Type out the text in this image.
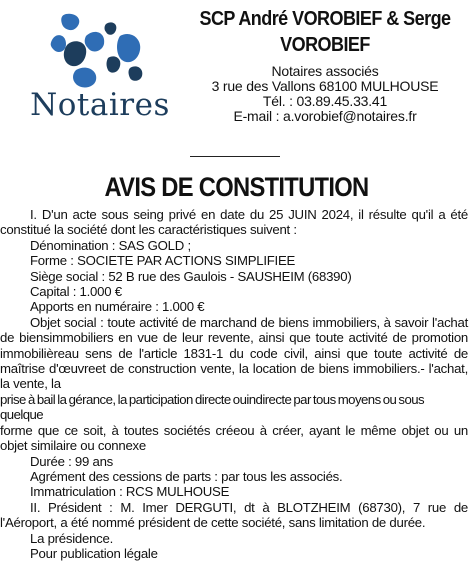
Notaires
SCP André VOROBIEF & Serge
VOROBIEF
Notaires associés
3 rue des Vallons 68100 MULHOUSE
Tél. : 03.89.45.33.41
E-mail : a.vorobief@notaires.fr
AVIS DE CONSTITUTION

I. D'un acte sous seing privé en date du 25 JUIN 2024, il résulte qu'il a été constitué la société dont les caractéristiques suivent :

Dénomination : SAS GOLD ;

Forme : SOCIETE PAR ACTIONS SIMPLIFIEE

Siège social : 52 B rue des Gaulois - SAUSHEIM (68390)

Capital : 1.000 €

Apports en numéraire : 1.000 €

Objet social : toute activité de marchand de biens immobiliers, à savoir l'achat de biensimmobiliers en vue de leur revente, ainsi que toute activité de promotion immobilièreau sens de l'article 1831-1 du code civil, ainsi que toute activité de maîtrise d'œuvreet de construction vente, la location de biens immobiliers.- l'achat, la vente, la

prise à bail la gérance, la participation directe ouindirecte par tous moyens ou sous quelque

forme que ce soit, à toutes sociétés créeou à créer, ayant le même objet ou un objet similaire ou connexe

Durée : 99 ans

Agrément des cessions de parts : par tous les associés.

Immatriculation : RCS MULHOUSE

II. Président : M. Imer DERGUTI, dt à BLOTZHEIM (68730), 7 rue de l'Aéroport, a été nommé président de cette société, sans limitation de durée.

La présidence.

Pour publication légale
